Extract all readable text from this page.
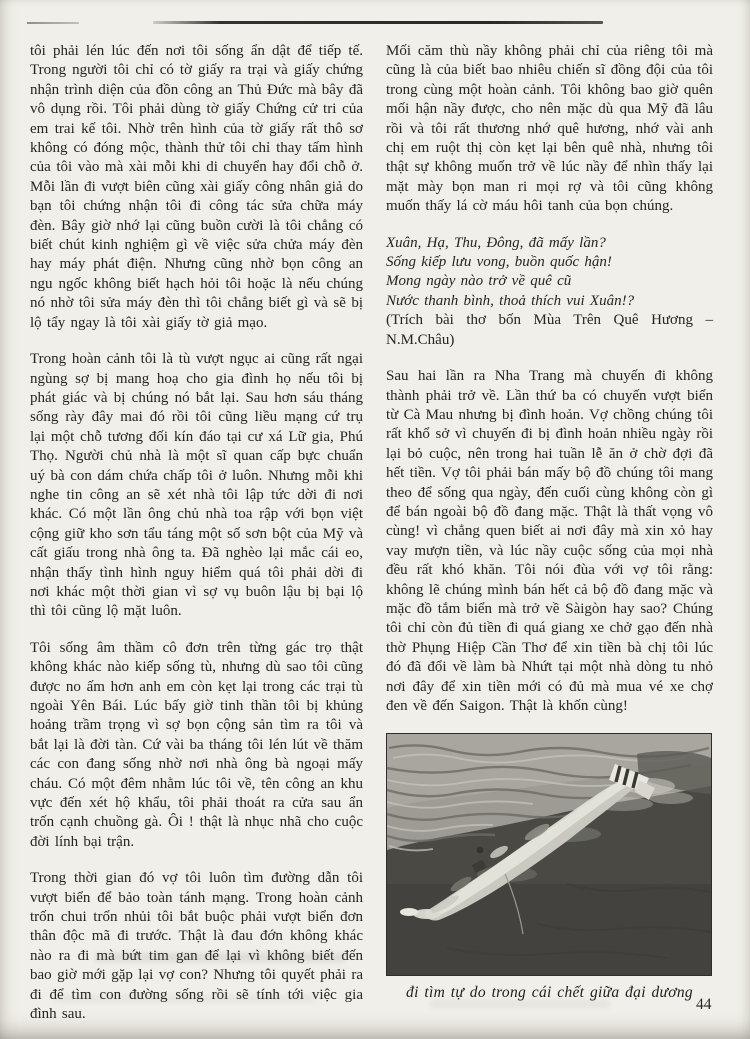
tôi phải lén lúc đến nơi tôi sống ẩn dật để tiếp tế. Trong người tôi chỉ có tờ giấy ra trại và giấy chứng nhận trình diện của đồn công an Thủ Đức mà bây đã vô dụng rồi. Tôi phải dùng tờ giấy Chứng cử tri của em trai kế tôi. Nhờ trên hình của tờ giấy rất thô sơ không có đóng mộc, thành thử tôi chỉ thay tấm hình của tôi vào mà xài mỗi khi di chuyển hay đổi chỗ ở. Mỗi lần đi vượt biên cũng xài giấy công nhân giả do bạn tôi chứng nhận tôi đi công tác sửa chữa máy đèn. Bây giờ nhớ lại cũng buồn cười là tôi chẳng có biết chút kinh nghiệm gì về việc sửa chửa máy đèn hay máy phát điện. Nhưng cũng nhờ bọn công an ngu ngốc không biết hạch hỏi tôi hoặc là nếu chúng nó nhờ tôi sửa máy đèn thì tôi chẳng biết gì và sẽ bị lộ tẩy ngay là tôi xài giấy tờ giả mạo.

Trong hoàn cảnh tôi là tù vượt ngục ai cũng rất ngại ngùng sợ bị mang hoạ cho gia đình họ nếu tôi bị phát giác và bị chúng nó bắt lại. Sau hơn sáu tháng sống rày đây mai đó rồi tôi cũng liều mạng cứ trụ lại một chỗ tương đối kín đáo tại cư xá Lữ gia, Phú Thọ. Người chủ nhà là một sĩ quan cấp bực chuẩn uý bà con dám chứa chấp tôi ở luôn. Nhưng mỗi khi nghe tin công an sẽ xét nhà tôi lập tức dời đi nơi khác. Có một lần ông chủ nhà toa rập với bọn việt cộng giữ kho sơn tẩu táng một số sơn bột của Mỹ và cất giấu trong nhà ông ta. Đã nghèo lại mắc cái eo, nhận thấy tình hình nguy hiểm quá tôi phải dời đi nơi khác một thời gian vì sợ vụ buôn lậu bị bại lộ thì tôi cũng lộ mặt luôn.

Tôi sống âm thầm cô đơn trên từng gác trọ thật không khác nào kiếp sống tù, nhưng dù sao tôi cũng được no ấm hơn anh em còn kẹt lại trong các trại tù ngoài Yên Bái. Lúc bấy giờ tinh thần tôi bị khủng hoảng trầm trọng vì sợ bọn cộng sản tìm ra tôi và bắt lại là đời tàn. Cứ vài ba tháng tôi lén lút về thăm các con đang sống nhờ nơi nhà ông bà ngoại mấy cháu. Có một đêm nhằm lúc tôi về, tên công an khu vực đến xét hộ khẩu, tôi phải thoát ra cửa sau ẩn trốn cạnh chuồng gà. Ôi ! thật là nhục nhã cho cuộc đời lính bại trận.

Trong thời gian đó vợ tôi luôn tìm đường dẫn tôi vượt biển để bảo toàn tánh mạng. Trong hoàn cảnh trốn chui trốn nhủi tôi bắt buộc phải vượt biển đơn thân độc mã đi trước. Thật là đau đớn không khác nào ra đi mà bứt tim gan để lại vì không biết đến bao giờ mới gặp lại vợ con? Nhưng tôi quyết phải ra đi để tìm con đường sống rồi sẽ tính tới việc gia đình sau.

Mối căm thù nầy không phải chỉ của riêng tôi mà cũng là của biết bao nhiêu chiến sĩ đồng đội của tôi trong cùng một hoàn cảnh. Tôi không bao giờ quên mối hận nầy được, cho nên mặc dù qua Mỹ đã lâu rồi và tôi rất thương nhớ quê hương, nhớ vài anh chị em ruột thị còn kẹt lại bên quê nhà, nhưng tôi thật sự không muốn trở về lúc nầy để nhìn thấy lại mặt mày bọn man ri mọi rợ và tôi cũng không muốn thấy lá cờ máu hôi tanh của bọn chúng.

Xuân, Hạ, Thu, Đông, đã mấy lần?
Sống kiếp lưu vong, buồn quốc hận!
Mong ngày nào trở về quê cũ
Nước thanh bình, thoả thích vui Xuân!?
(Trích bài thơ bốn Mùa Trên Quê Hương – N.M.Châu)

Sau hai lần ra Nha Trang mà chuyến đi không thành phải trở về. Lần thứ ba có chuyến vượt biển từ Cà Mau nhưng bị đình hoản. Vợ chồng chúng tôi rất khổ sở vì chuyến đi bị đình hoản nhiều ngày rồi lại bỏ cuộc, nên trong hai tuần lễ ăn ở chờ đợi đã hết tiền. Vợ tôi phải bán mấy bộ đồ chúng tôi mang theo để sống qua ngày, đến cuối cùng không còn gì để bán ngoài bộ đồ đang mặc. Thật là thất vọng vô cùng! vì chẳng quen biết ai nơi đây mà xin xỏ hay vay mượn tiền, và lúc nầy cuộc sống của mọi nhà đều rất khó khăn. Tôi nói đùa với vợ tôi rằng: không lẽ chúng mình bán hết cả bộ đồ đang mặc và mặc đồ tắm biển mà trở về Sàigòn hay sao? Chúng tôi chỉ còn đủ tiền đi quá giang xe chở gạo đến nhà thờ Phụng Hiệp Cần Thơ để xin tiền bà chị tôi lúc đó đã đổi về làm bà Nhứt tại một nhà dòng tu nhỏ nơi đây để xin tiền mới có đủ mà mua vé xe chợ đen về đến Saigon. Thật là khốn cùng!

đi tìm tự do trong cái chết giữa đại dương
44
